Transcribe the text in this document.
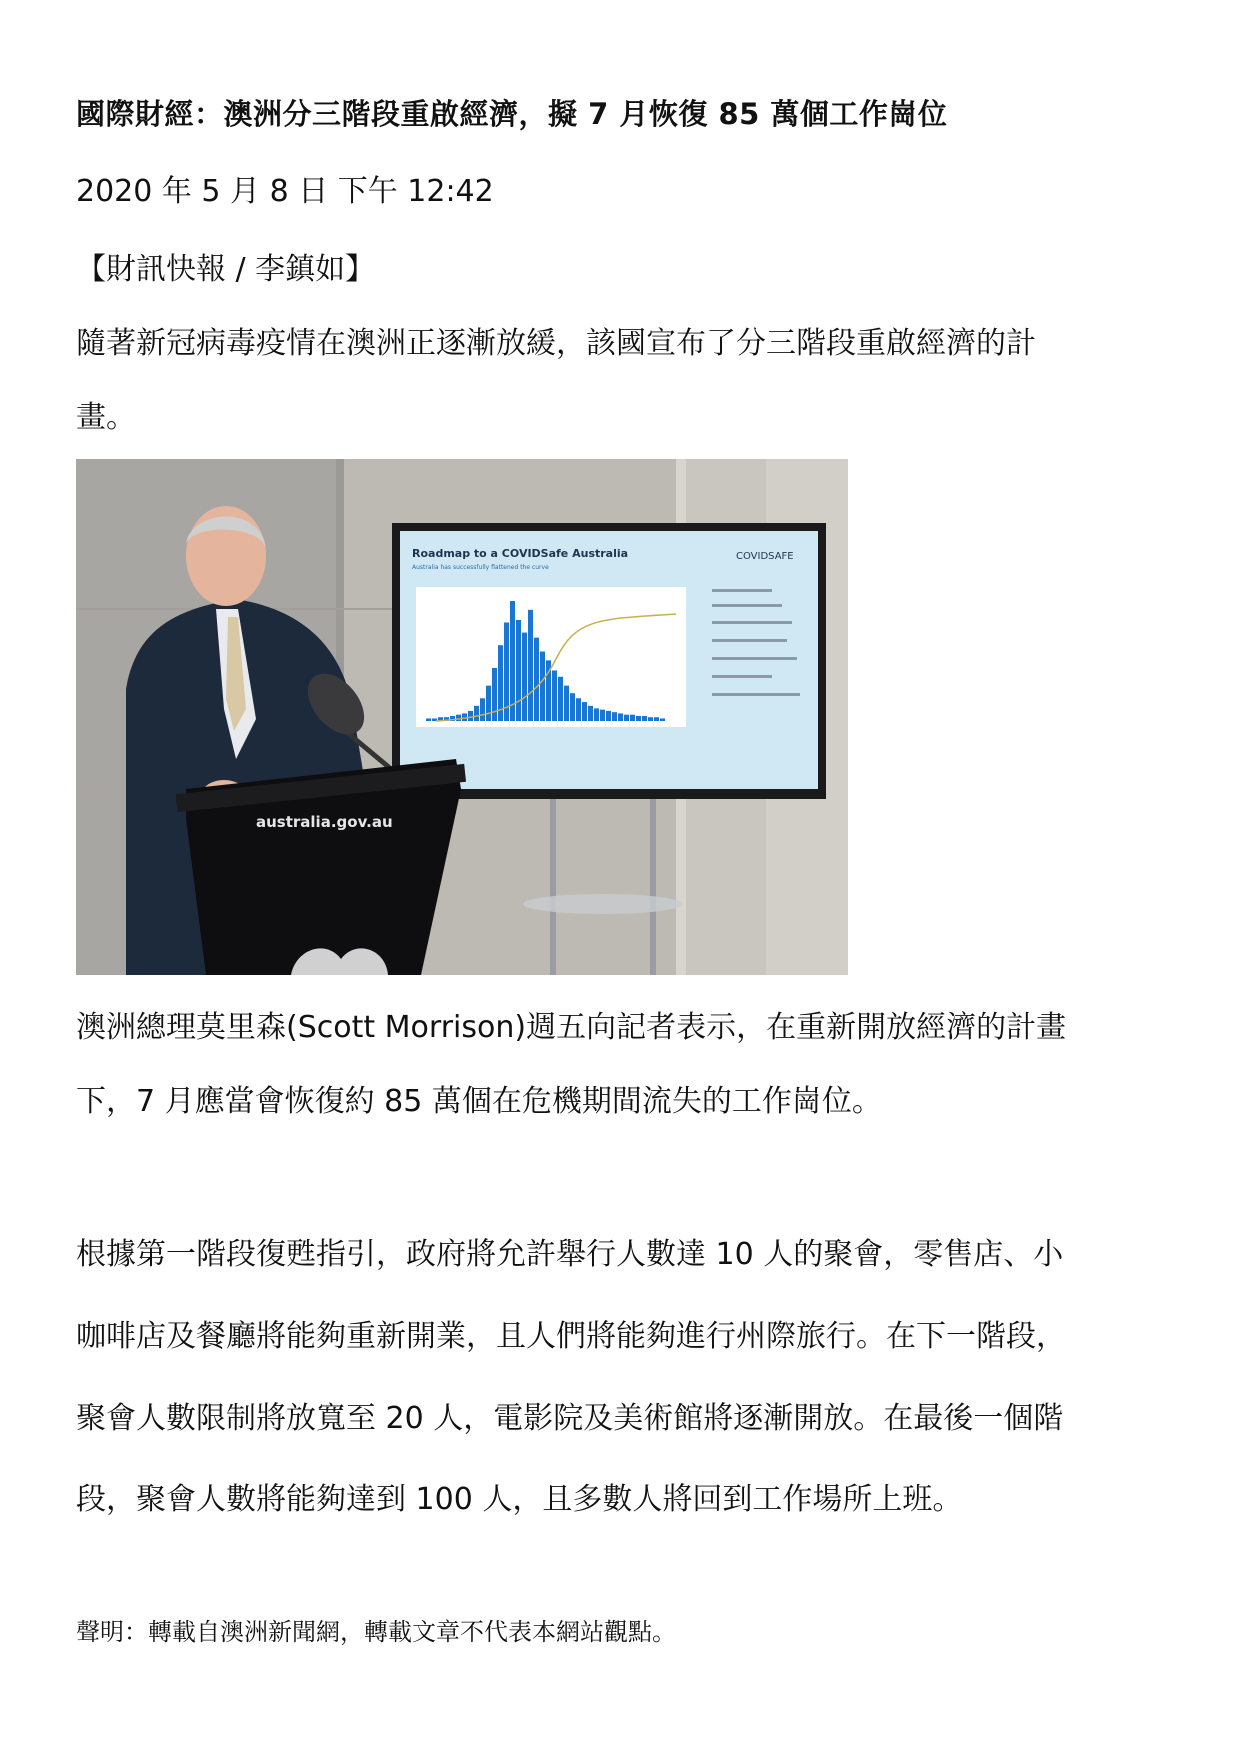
國際財經：澳洲分三階段重啟經濟，擬 7 月恢復 85 萬個工作崗位

2020 年 5 月 8 日 下午 12:42

【財訊快報 / 李鎮如】

隨著新冠病毒疫情在澳洲正逐漸放緩，該國宣布了分三階段重啟經濟的計

畫。

Roadmap to a COVIDSafe Australia
Australia has successfully flattened the curve
COVIDSAFE
australia.gov.au

澳洲總理莫里森(Scott Morrison)週五向記者表示，在重新開放經濟的計畫

下，7 月應當會恢復約 85 萬個在危機期間流失的工作崗位。

根據第一階段復甦指引，政府將允許舉行人數達 10 人的聚會，零售店、小

咖啡店及餐廳將能夠重新開業，且人們將能夠進行州際旅行。在下一階段，

聚會人數限制將放寬至 20 人，電影院及美術館將逐漸開放。在最後一個階

段，聚會人數將能夠達到 100 人，且多數人將回到工作場所上班。

聲明：轉載自澳洲新聞網，轉載文章不代表本網站觀點。
